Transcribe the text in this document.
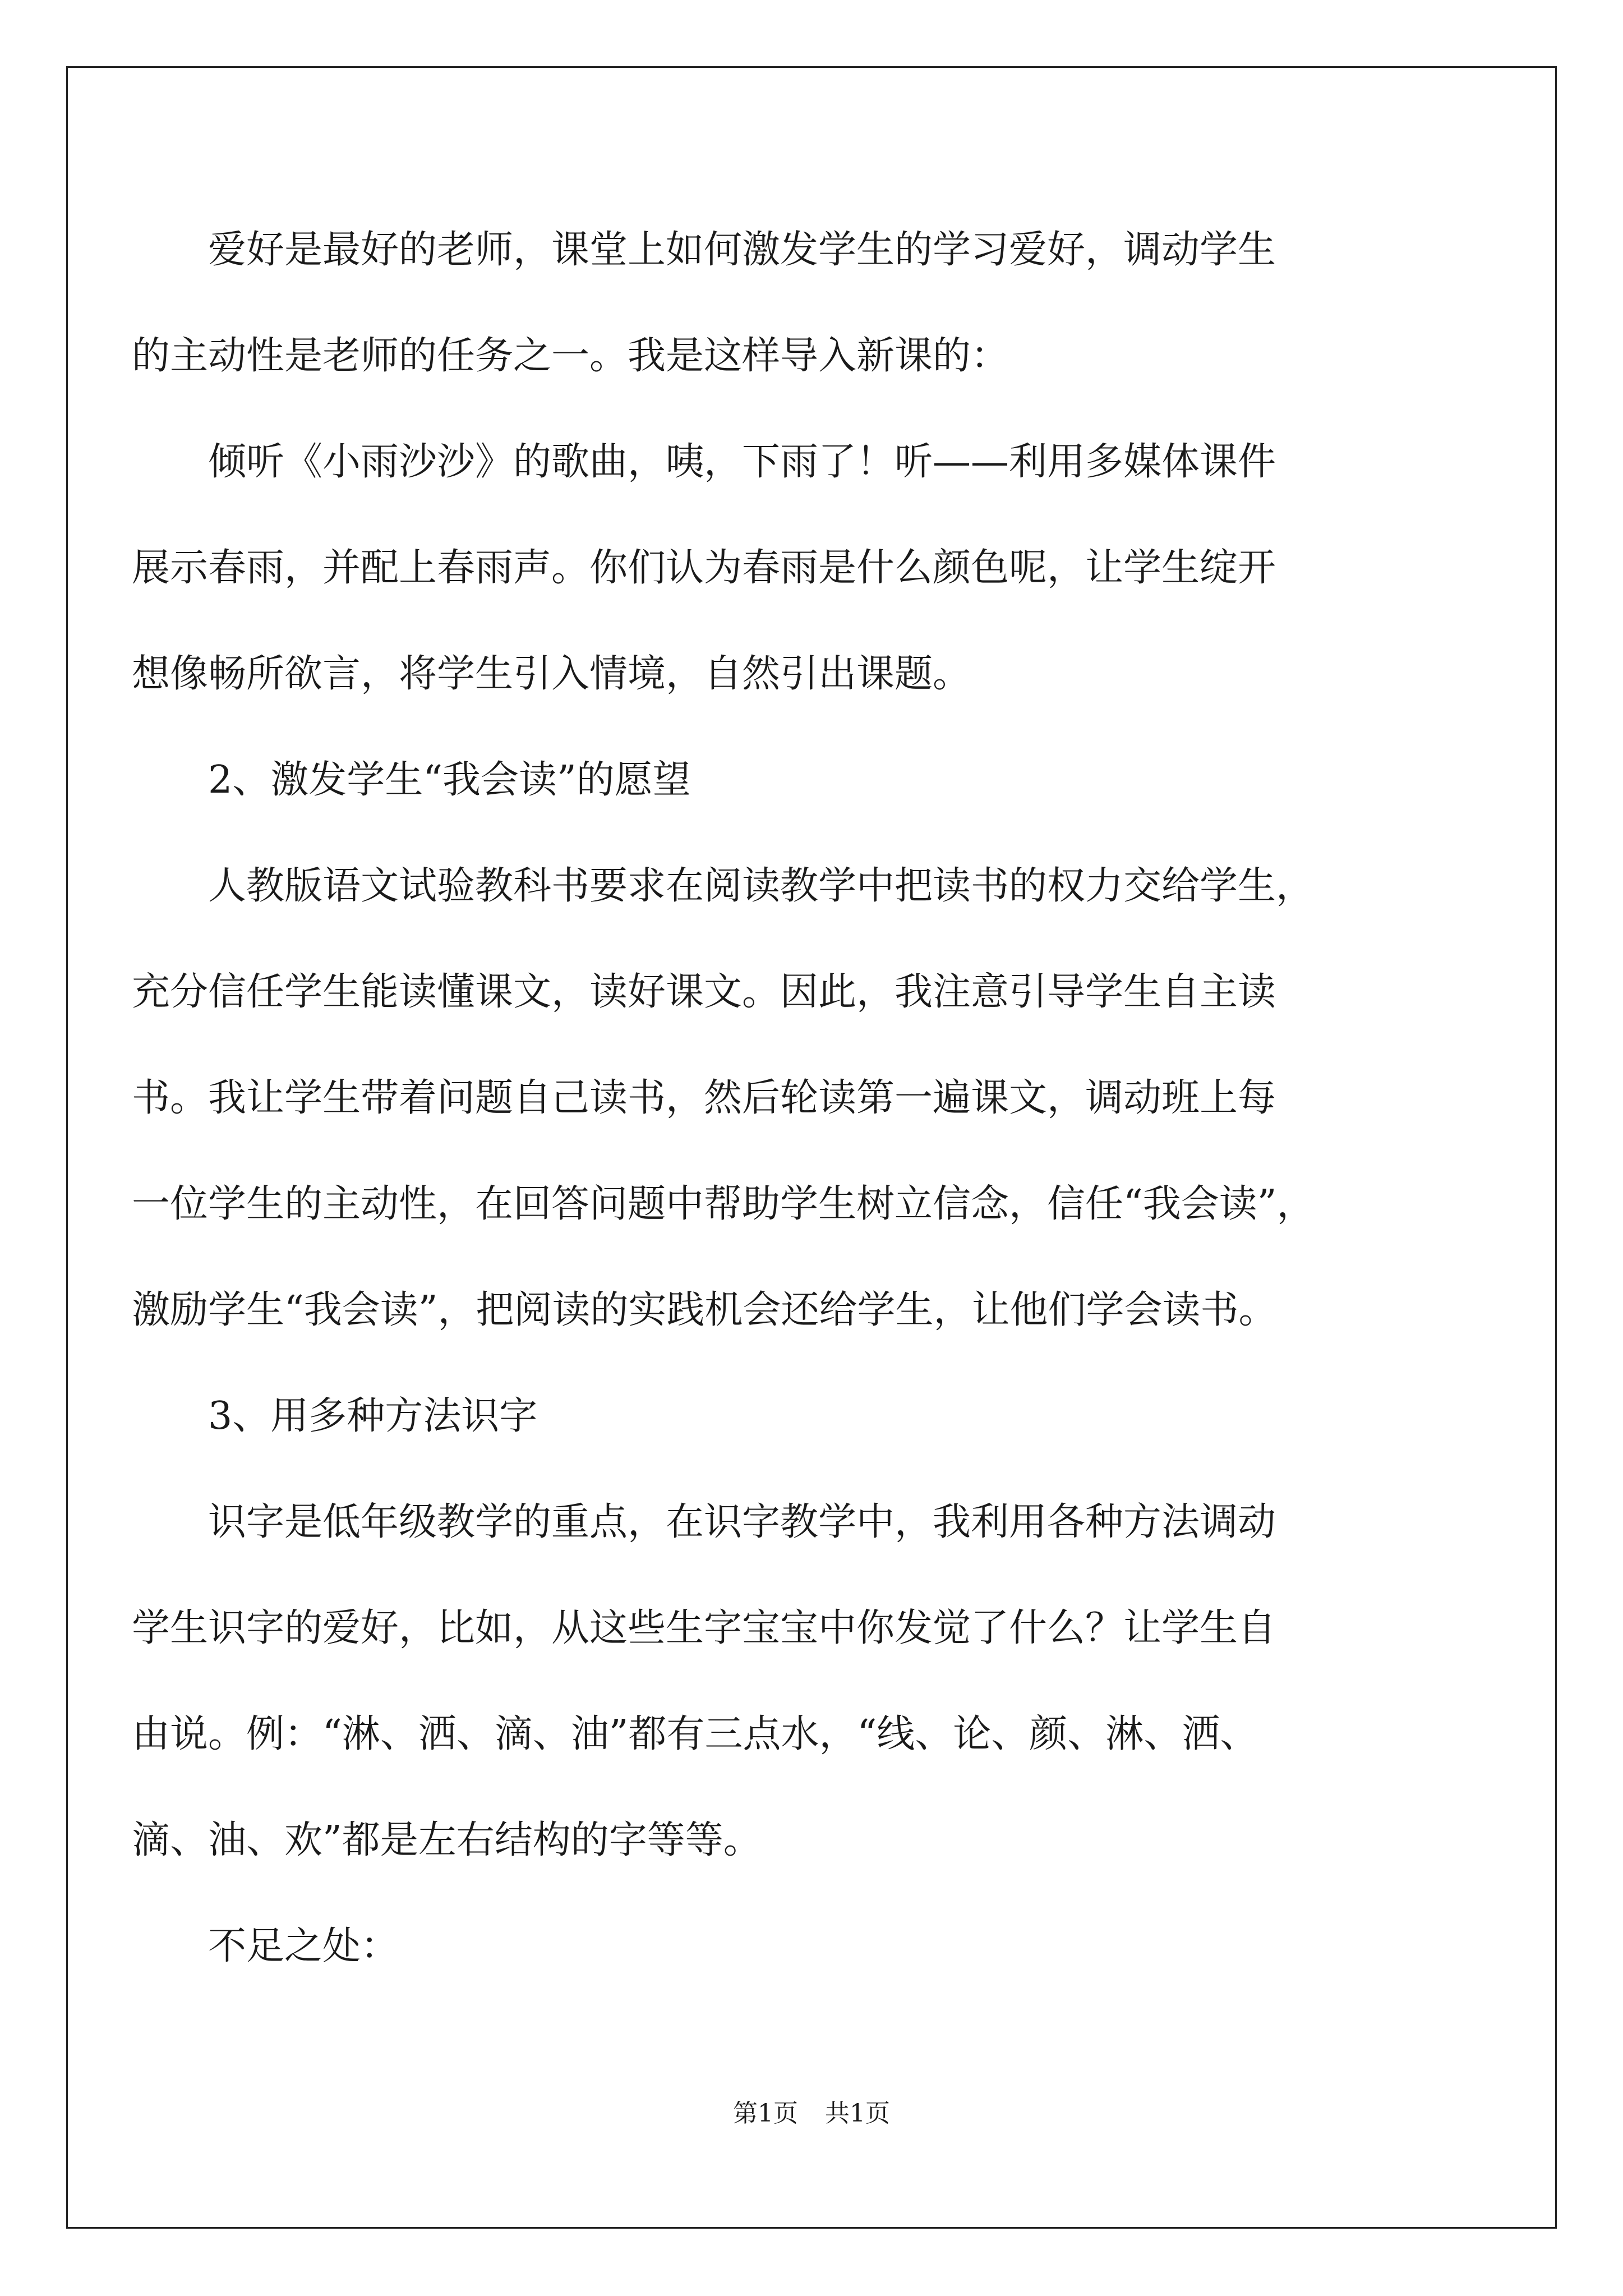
　　爱好是最好的老师，课堂上如何激发学生的学习爱好，调动学生

的主动性是老师的任务之一。我是这样导入新课的：

　　倾听《小雨沙沙》的歌曲，咦，下雨了！听——利用多媒体课件

展示春雨，并配上春雨声。你们认为春雨是什么颜色呢，让学生绽开

想像畅所欲言，将学生引入情境，自然引出课题。

　　2、激发学生“我会读”的愿望

　　人教版语文试验教科书要求在阅读教学中把读书的权力交给学生，

充分信任学生能读懂课文，读好课文。因此，我注意引导学生自主读

书。我让学生带着问题自己读书，然后轮读第一遍课文，调动班上每

一位学生的主动性，在回答问题中帮助学生树立信念，信任“我会读”，

激励学生“我会读”，把阅读的实践机会还给学生，让他们学会读书。

　　3、用多种方法识字

　　识字是低年级教学的重点，在识字教学中，我利用各种方法调动

学生识字的爱好，比如，从这些生字宝宝中你发觉了什么？让学生自

由说。例：“淋、洒、滴、油”都有三点水，“线、论、颜、淋、洒、

滴、油、欢”都是左右结构的字等等。

　　不足之处：

第1页 共1页
